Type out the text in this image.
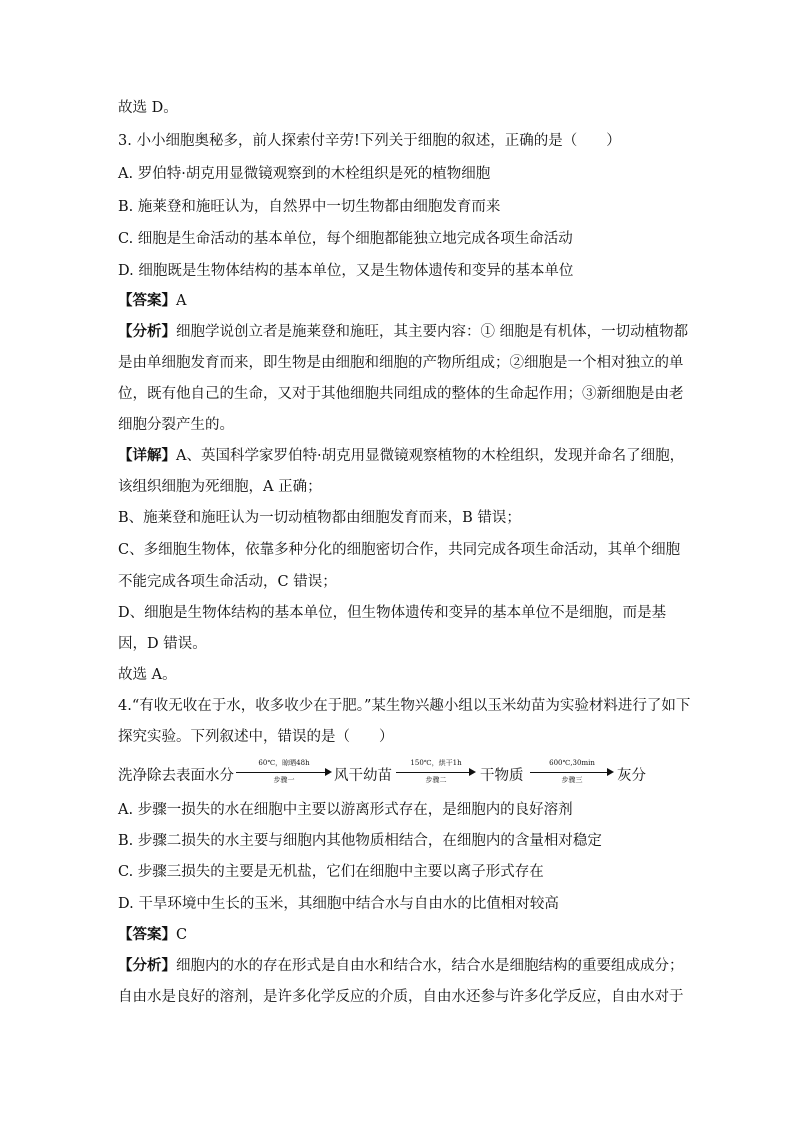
故选 D。
3. 小小细胞奥秘多，前人探索付辛劳!下列关于细胞的叙述，正确的是（　　）
A. 罗伯特·胡克用显微镜观察到的木栓组织是死的植物细胞
B. 施莱登和施旺认为，自然界中一切生物都由细胞发育而来
C. 细胞是生命活动的基本单位，每个细胞都能独立地完成各项生命活动
D. 细胞既是生物体结构的基本单位，又是生物体遗传和变异的基本单位
【答案】A
【分析】细胞学说创立者是施莱登和施旺，其主要内容：① 细胞是有机体，一切动植物都
是由单细胞发育而来，即生物是由细胞和细胞的产物所组成；②细胞是一个相对独立的单
位，既有他自己的生命，又对于其他细胞共同组成的整体的生命起作用；③新细胞是由老
细胞分裂产生的。
【详解】A、英国科学家罗伯特·胡克用显微镜观察植物的木栓组织，发现并命名了细胞，
该组织细胞为死细胞，A 正确；
B、施莱登和施旺认为一切动植物都由细胞发育而来，B 错误；
C、多细胞生物体，依靠多种分化的细胞密切合作，共同完成各项生命活动，其单个细胞
不能完成各项生命活动，C 错误；
D、细胞是生物体结构的基本单位，但生物体遗传和变异的基本单位不是细胞，而是基
因，D 错误。
故选 A。
4.“有收无收在于水，收多收少在于肥。”某生物兴趣小组以玉米幼苗为实验材料进行了如下
探究实验。下列叙述中，错误的是（　　）
洗净除去表面水分
60℃，晾晒48h
步骤一	风干幼苗
150℃，烘干1h
步骤二	干物质
600℃,30min
步骤三	灰分
A. 步骤一损失的水在细胞中主要以游离形式存在，是细胞内的良好溶剂
B. 步骤二损失的水主要与细胞内其他物质相结合，在细胞内的含量相对稳定
C. 步骤三损失的主要是无机盐，它们在细胞中主要以离子形式存在
D. 干旱环境中生长的玉米，其细胞中结合水与自由水的比值相对较高
【答案】C
【分析】细胞内的水的存在形式是自由水和结合水，结合水是细胞结构的重要组成成分；
自由水是良好的溶剂，是许多化学反应的介质，自由水还参与许多化学反应，自由水对于
